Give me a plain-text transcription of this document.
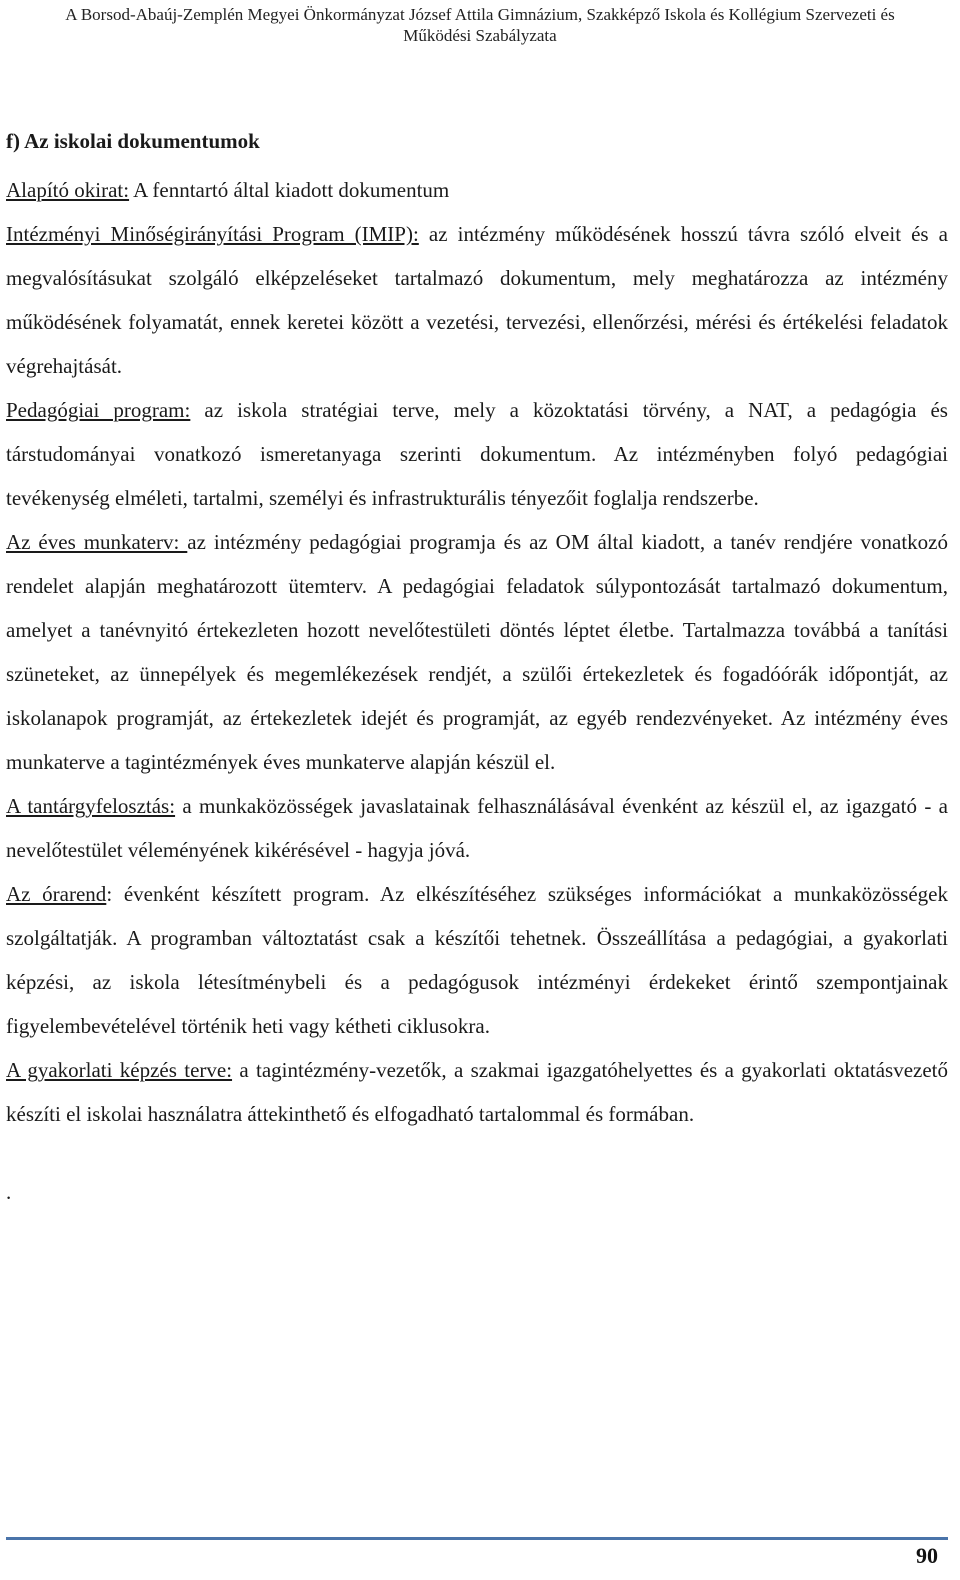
A Borsod-Abaúj-Zemplén Megyei Önkormányzat József Attila Gimnázium, Szakképző Iskola és Kollégium Szervezeti és
Működési Szabályzata
f) Az iskolai dokumentumok

Alapító okirat: A fenntartó által kiadott dokumentum

Intézményi Minőségirányítási Program (IMIP): az intézmény működésének hosszú távra szóló elveit és a megvalósításukat szolgáló elképzeléseket tartalmazó dokumentum, mely meghatározza az intézmény működésének folyamatát, ennek keretei között a vezetési, tervezési, ellenőrzési, mérési és értékelési feladatok végrehajtását.

Pedagógiai program: az iskola stratégiai terve, mely a közoktatási törvény, a NAT, a pedagógia és társtudományai vonatkozó ismeretanyaga szerinti dokumentum. Az intézményben folyó pedagógiai tevékenység elméleti, tartalmi, személyi és infrastrukturális tényezőit foglalja rendszerbe.

Az éves munkaterv: az intézmény pedagógiai programja és az OM által kiadott, a tanév rendjére vonatkozó rendelet alapján meghatározott ütemterv. A pedagógiai feladatok súlypontozását tartalmazó dokumentum, amelyet a tanévnyitó értekezleten hozott nevelőtestületi döntés léptet életbe. Tartalmazza továbbá a tanítási szüneteket, az ünnepélyek és megemlékezések rendjét, a szülői értekezletek és fogadóórák időpontját, az iskolanapok programját, az értekezletek idejét és programját, az egyéb rendezvényeket. Az intézmény éves munkaterve a tagintézmények éves munkaterve alapján készül el.

A tantárgyfelosztás: a munkaközösségek javaslatainak felhasználásával évenként az készül el, az igazgató - a nevelőtestület véleményének kikérésével - hagyja jóvá.

Az órarend: évenként készített program. Az elkészítéséhez szükséges információkat a munkaközösségek szolgáltatják. A programban változtatást csak a készítői tehetnek. Összeállítása a pedagógiai, a gyakorlati képzési, az iskola létesítménybeli és a pedagógusok intézményi érdekeket érintő szempontjainak figyelembevételével történik heti vagy kétheti ciklusokra.

A gyakorlati képzés terve: a tagintézmény-vezetők, a szakmai igazgatóhelyettes és a gyakorlati oktatásvezető készíti el iskolai használatra áttekinthető és elfogadható tartalommal és formában.

.
90
